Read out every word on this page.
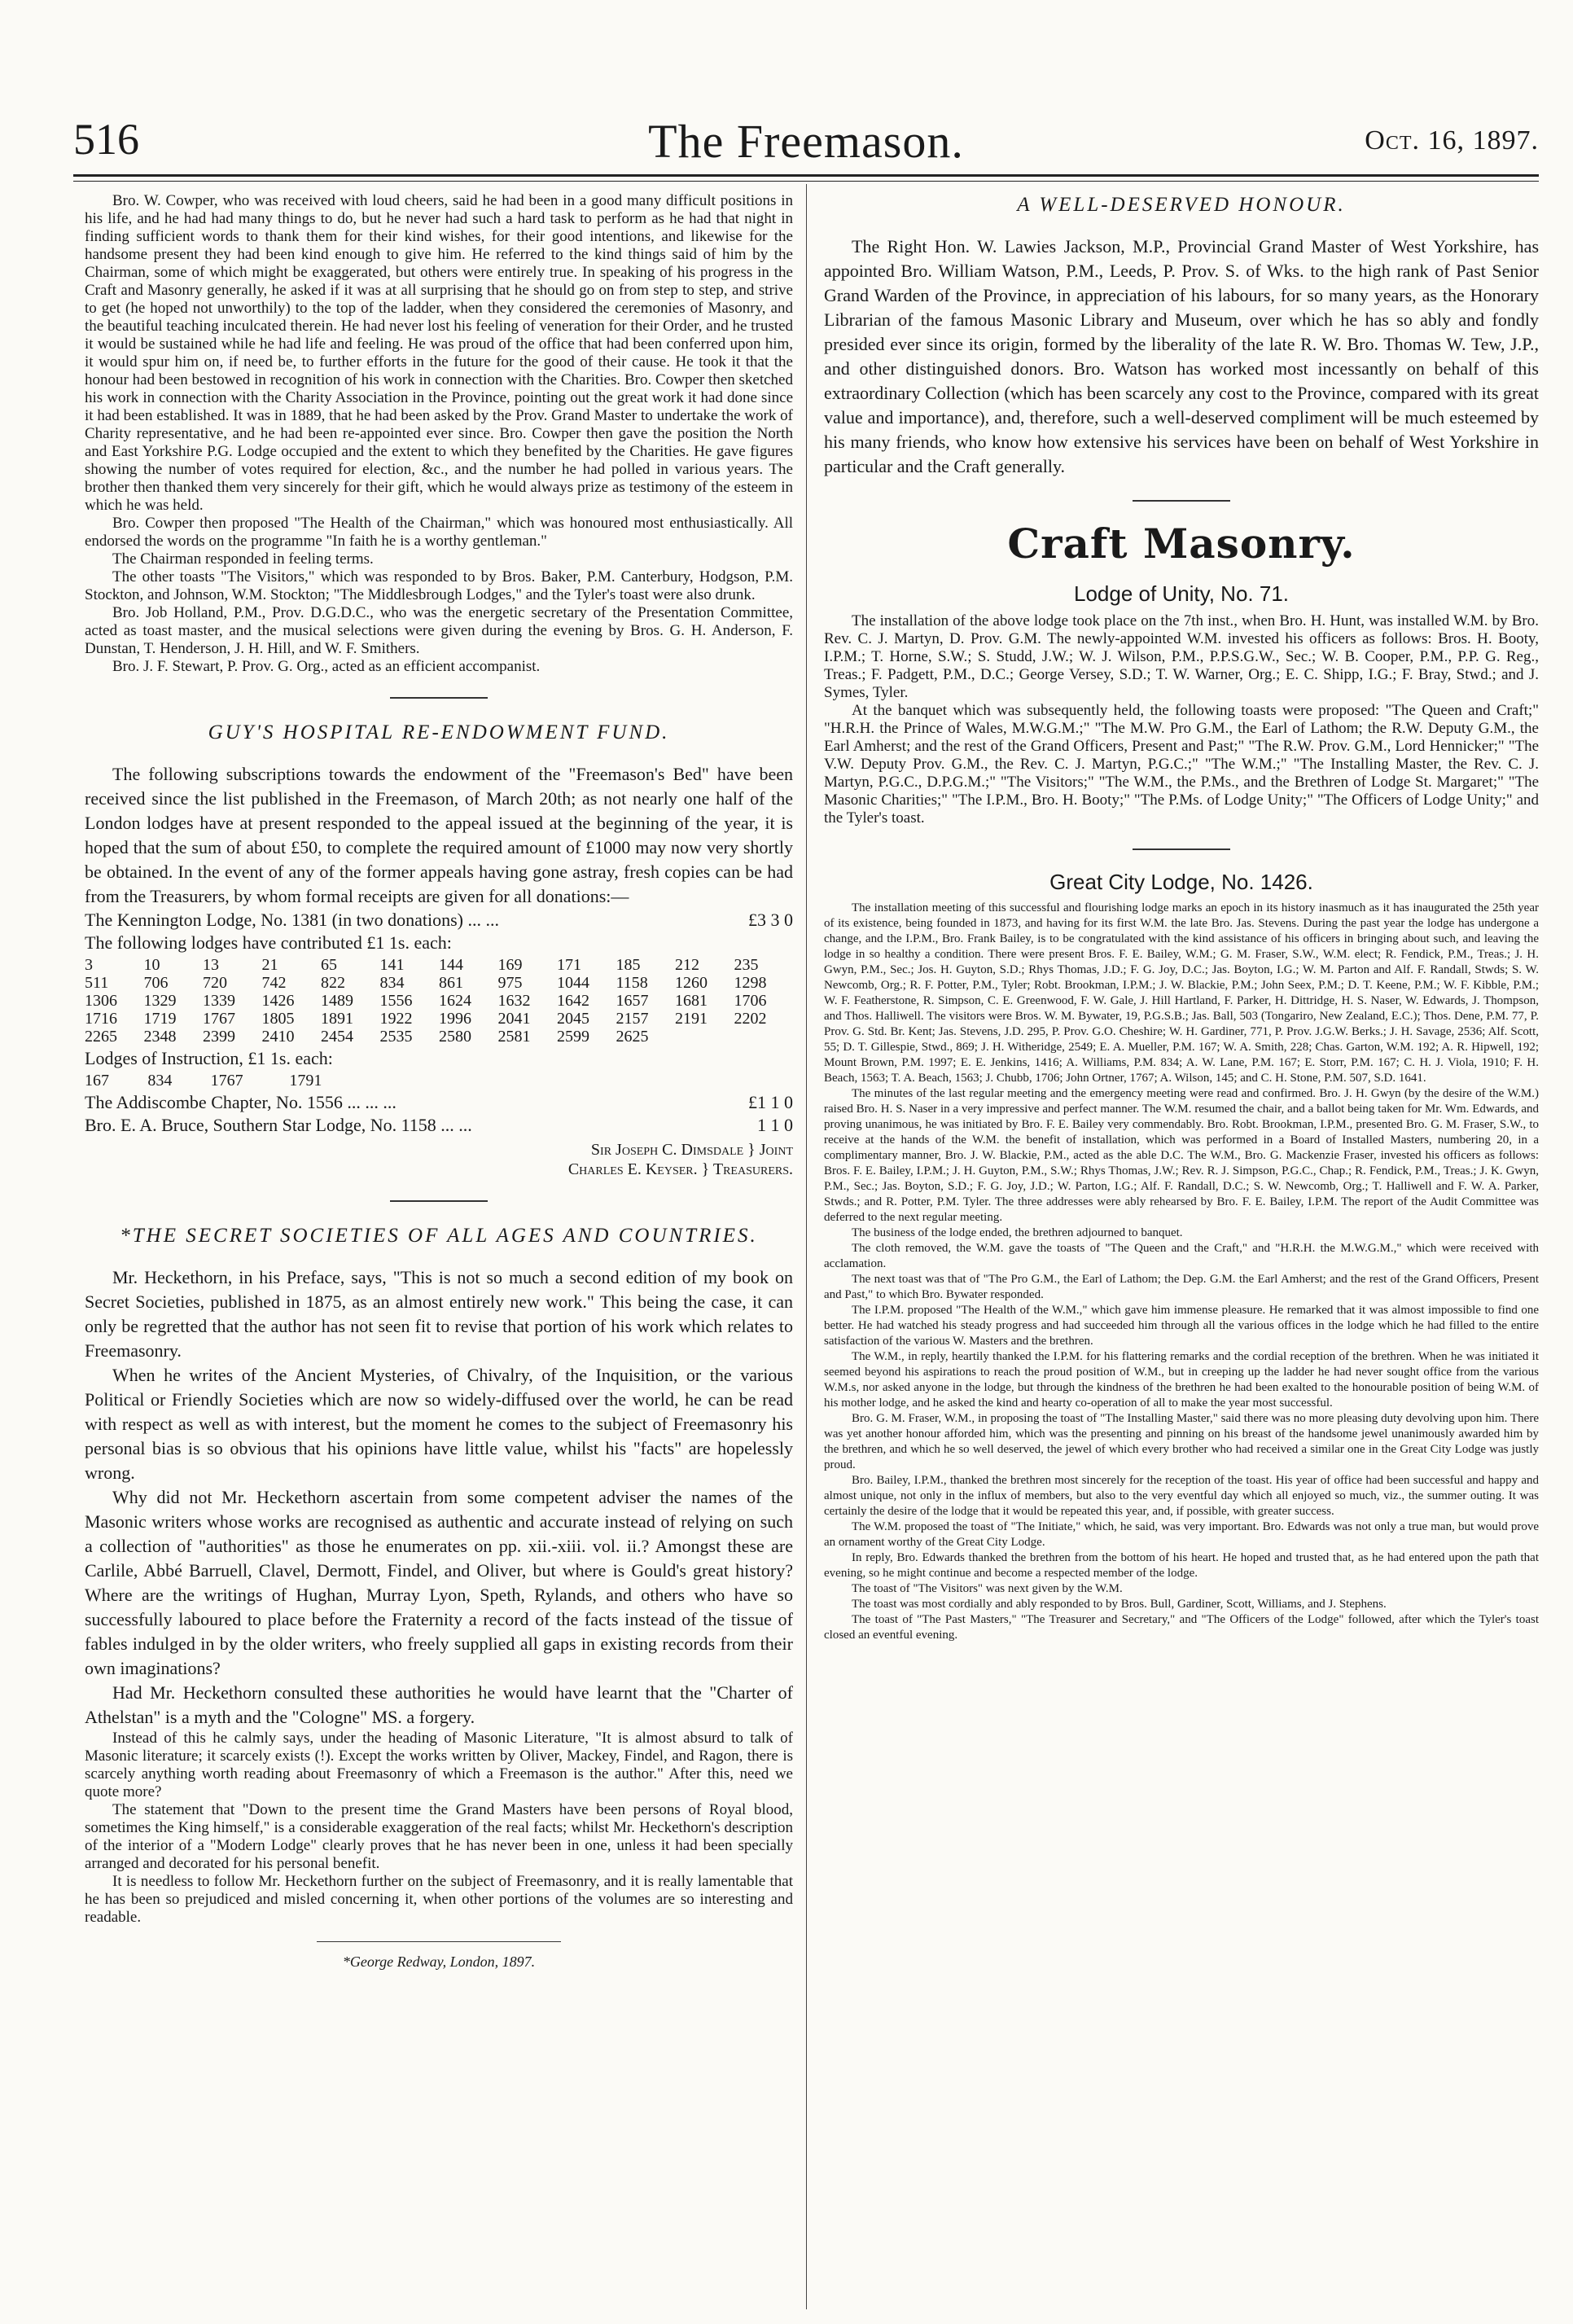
516	The Freemason.	Oct. 16, 1897.

Bro. W. Cowper, who was received with loud cheers, said he had been in a good many difficult positions in his life, and he had had many things to do, but he never had such a hard task to perform as he had that night in finding sufficient words to thank them for their kind wishes, for their good intentions, and likewise for the handsome present they had been kind enough to give him. He referred to the kind things said of him by the Chairman, some of which might be exaggerated, but others were entirely true. In speaking of his progress in the Craft and Masonry generally, he asked if it was at all surprising that he should go on from step to step, and strive to get (he hoped not unworthily) to the top of the ladder, when they considered the ceremonies of Masonry, and the beautiful teaching inculcated therein. He had never lost his feeling of veneration for their Order, and he trusted it would be sustained while he had life and feeling. He was proud of the office that had been conferred upon him, it would spur him on, if need be, to further efforts in the future for the good of their cause. He took it that the honour had been bestowed in recognition of his work in connection with the Charities. Bro. Cowper then sketched his work in connection with the Charity Association in the Province, pointing out the great work it had done since it had been established. It was in 1889, that he had been asked by the Prov. Grand Master to undertake the work of Charity representative, and he had been re-appointed ever since. Bro. Cowper then gave the position the North and East Yorkshire P.G. Lodge occupied and the extent to which they benefited by the Charities. He gave figures showing the number of votes required for election, &c., and the number he had polled in various years. The brother then thanked them very sincerely for their gift, which he would always prize as testimony of the esteem in which he was held.

Bro. Cowper then proposed "The Health of the Chairman," which was honoured most enthusiastically. All endorsed the words on the programme "In faith he is a worthy gentleman."

The Chairman responded in feeling terms.

The other toasts "The Visitors," which was responded to by Bros. Baker, P.M. Canterbury, Hodgson, P.M. Stockton, and Johnson, W.M. Stockton; "The Middlesbrough Lodges," and the Tyler's toast were also drunk.

Bro. Job Holland, P.M., Prov. D.G.D.C., who was the energetic secretary of the Presentation Committee, acted as toast master, and the musical selections were given during the evening by Bros. G. H. Anderson, F. Dunstan, T. Henderson, J. H. Hill, and W. F. Smithers.

Bro. J. F. Stewart, P. Prov. G. Org., acted as an efficient accompanist.

GUY'S HOSPITAL RE-ENDOWMENT FUND.

The following subscriptions towards the endowment of the "Freemason's Bed" have been received since the list published in the Freemason, of March 20th; as not nearly one half of the London lodges have at present responded to the appeal issued at the beginning of the year, it is hoped that the sum of about £50, to complete the required amount of £1000 may now very shortly be obtained. In the event of any of the former appeals having gone astray, fresh copies can be had from the Treasurers, by whom formal receipts are given for all donations:—

The Kennington Lodge, No. 1381 (in two donations) ... ...	£3 3 0
The following lodges have contributed £1 1s. each:
3	10	13	21	65	141	144	169	171	185	212	235
511	706	720	742	822	834	861	975	1044	1158	1260	1298
1306	1329	1339	1426	1489	1556	1624	1632	1642	1657	1681	1706
1716	1719	1767	1805	1891	1922	1996	2041	2045	2157	2191	2202
2265	2348	2399	2410	2454	2535	2580	2581	2599	2625		
Lodges of Instruction, £1 1s. each:
167	834	1767	1791
The Addiscombe Chapter, No. 1556 ... ... ...	£1 1 0
Bro. E. A. Bruce, Southern Star Lodge, No. 1158 ... ...	1 1 0
Sir Joseph C. Dimsdale } Joint
Charles E. Keyser. } Treasurers.
*THE SECRET SOCIETIES OF ALL AGES AND COUNTRIES.

Mr. Heckethorn, in his Preface, says, "This is not so much a second edition of my book on Secret Societies, published in 1875, as an almost entirely new work." This being the case, it can only be regretted that the author has not seen fit to revise that portion of his work which relates to Freemasonry.

When he writes of the Ancient Mysteries, of Chivalry, of the Inquisition, or the various Political or Friendly Societies which are now so widely-diffused over the world, he can be read with respect as well as with interest, but the moment he comes to the subject of Freemasonry his personal bias is so obvious that his opinions have little value, whilst his "facts" are hopelessly wrong.

Why did not Mr. Heckethorn ascertain from some competent adviser the names of the Masonic writers whose works are recognised as authentic and accurate instead of relying on such a collection of "authorities" as those he enumerates on pp. xii.-xiii. vol. ii.? Amongst these are Carlile, Abbé Barruell, Clavel, Dermott, Findel, and Oliver, but where is Gould's great history? Where are the writings of Hughan, Murray Lyon, Speth, Rylands, and others who have so successfully laboured to place before the Fraternity a record of the facts instead of the tissue of fables indulged in by the older writers, who freely supplied all gaps in existing records from their own imaginations?

Had Mr. Heckethorn consulted these authorities he would have learnt that the "Charter of Athelstan" is a myth and the "Cologne" MS. a forgery.

Instead of this he calmly says, under the heading of Masonic Literature, "It is almost absurd to talk of Masonic literature; it scarcely exists (!). Except the works written by Oliver, Mackey, Findel, and Ragon, there is scarcely anything worth reading about Freemasonry of which a Freemason is the author." After this, need we quote more?

The statement that "Down to the present time the Grand Masters have been persons of Royal blood, sometimes the King himself," is a considerable exaggeration of the real facts; whilst Mr. Heckethorn's description of the interior of a "Modern Lodge" clearly proves that he has never been in one, unless it had been specially arranged and decorated for his personal benefit.

It is needless to follow Mr. Heckethorn further on the subject of Freemasonry, and it is really lamentable that he has been so prejudiced and misled concerning it, when other portions of the volumes are so interesting and readable.

*George Redway, London, 1897.
A WELL-DESERVED HONOUR.

The Right Hon. W. Lawies Jackson, M.P., Provincial Grand Master of West Yorkshire, has appointed Bro. William Watson, P.M., Leeds, P. Prov. S. of Wks. to the high rank of Past Senior Grand Warden of the Province, in appreciation of his labours, for so many years, as the Honorary Librarian of the famous Masonic Library and Museum, over which he has so ably and fondly presided ever since its origin, formed by the liberality of the late R. W. Bro. Thomas W. Tew, J.P., and other distinguished donors. Bro. Watson has worked most incessantly on behalf of this extraordinary Collection (which has been scarcely any cost to the Province, compared with its great value and importance), and, therefore, such a well-deserved compliment will be much esteemed by his many friends, who know how extensive his services have been on behalf of West Yorkshire in particular and the Craft generally.

Craft Masonry.
Lodge of Unity, No. 71.

The installation of the above lodge took place on the 7th inst., when Bro. H. Hunt, was installed W.M. by Bro. Rev. C. J. Martyn, D. Prov. G.M. The newly-appointed W.M. invested his officers as follows: Bros. H. Booty, I.P.M.; T. Horne, S.W.; S. Studd, J.W.; W. J. Wilson, P.M., P.P.S.G.W., Sec.; W. B. Cooper, P.M., P.P. G. Reg., Treas.; F. Padgett, P.M., D.C.; George Versey, S.D.; T. W. Warner, Org.; E. C. Shipp, I.G.; F. Bray, Stwd.; and J. Symes, Tyler.

At the banquet which was subsequently held, the following toasts were proposed: "The Queen and Craft;" "H.R.H. the Prince of Wales, M.W.G.M.;" "The M.W. Pro G.M., the Earl of Lathom; the R.W. Deputy G.M., the Earl Amherst; and the rest of the Grand Officers, Present and Past;" "The R.W. Prov. G.M., Lord Hennicker;" "The V.W. Deputy Prov. G.M., the Rev. C. J. Martyn, P.G.C.;" "The W.M.;" "The Installing Master, the Rev. C. J. Martyn, P.G.C., D.P.G.M.;" "The Visitors;" "The W.M., the P.Ms., and the Brethren of Lodge St. Margaret;" "The Masonic Charities;" "The I.P.M., Bro. H. Booty;" "The P.Ms. of Lodge Unity;" "The Officers of Lodge Unity;" and the Tyler's toast.

Great City Lodge, No. 1426.

The installation meeting of this successful and flourishing lodge marks an epoch in its history inasmuch as it has inaugurated the 25th year of its existence, being founded in 1873, and having for its first W.M. the late Bro. Jas. Stevens. During the past year the lodge has undergone a change, and the I.P.M., Bro. Frank Bailey, is to be congratulated with the kind assistance of his officers in bringing about such, and leaving the lodge in so healthy a condition. There were present Bros. F. E. Bailey, W.M.; G. M. Fraser, S.W., W.M. elect; R. Fendick, P.M., Treas.; J. H. Gwyn, P.M., Sec.; Jos. H. Guyton, S.D.; Rhys Thomas, J.D.; F. G. Joy, D.C.; Jas. Boyton, I.G.; W. M. Parton and Alf. F. Randall, Stwds; S. W. Newcomb, Org.; R. F. Potter, P.M., Tyler; Robt. Brookman, I.P.M.; J. W. Blackie, P.M.; John Seex, P.M.; D. T. Keene, P.M.; W. F. Kibble, P.M.; W. F. Featherstone, R. Simpson, C. E. Greenwood, F. W. Gale, J. Hill Hartland, F. Parker, H. Dittridge, H. S. Naser, W. Edwards, J. Thompson, and Thos. Halliwell. The visitors were Bros. W. M. Bywater, 19, P.G.S.B.; Jas. Ball, 503 (Tongariro, New Zealand, E.C.); Thos. Dene, P.M. 77, P. Prov. G. Std. Br. Kent; Jas. Stevens, J.D. 295, P. Prov. G.O. Cheshire; W. H. Gardiner, 771, P. Prov. J.G.W. Berks.; J. H. Savage, 2536; Alf. Scott, 55; D. T. Gillespie, Stwd., 869; J. H. Witheridge, 2549; E. A. Mueller, P.M. 167; W. A. Smith, 228; Chas. Garton, W.M. 192; A. R. Hipwell, 192; Mount Brown, P.M. 1997; E. E. Jenkins, 1416; A. Williams, P.M. 834; A. W. Lane, P.M. 167; E. Storr, P.M. 167; C. H. J. Viola, 1910; F. H. Beach, 1563; T. A. Beach, 1563; J. Chubb, 1706; John Ortner, 1767; A. Wilson, 145; and C. H. Stone, P.M. 507, S.D. 1641.

The minutes of the last regular meeting and the emergency meeting were read and confirmed. Bro. J. H. Gwyn (by the desire of the W.M.) raised Bro. H. S. Naser in a very impressive and perfect manner. The W.M. resumed the chair, and a ballot being taken for Mr. Wm. Edwards, and proving unanimous, he was initiated by Bro. F. E. Bailey very commendably. Bro. Robt. Brookman, I.P.M., presented Bro. G. M. Fraser, S.W., to receive at the hands of the W.M. the benefit of installation, which was performed in a Board of Installed Masters, numbering 20, in a complimentary manner, Bro. J. W. Blackie, P.M., acted as the able D.C. The W.M., Bro. G. Mackenzie Fraser, invested his officers as follows: Bros. F. E. Bailey, I.P.M.; J. H. Guyton, P.M., S.W.; Rhys Thomas, J.W.; Rev. R. J. Simpson, P.G.C., Chap.; R. Fendick, P.M., Treas.; J. K. Gwyn, P.M., Sec.; Jas. Boyton, S.D.; F. G. Joy, J.D.; W. Parton, I.G.; Alf. F. Randall, D.C.; S. W. Newcomb, Org.; T. Halliwell and F. W. A. Parker, Stwds.; and R. Potter, P.M. Tyler. The three addresses were ably rehearsed by Bro. F. E. Bailey, I.P.M. The report of the Audit Committee was deferred to the next regular meeting.

The business of the lodge ended, the brethren adjourned to banquet.

The cloth removed, the W.M. gave the toasts of "The Queen and the Craft," and "H.R.H. the M.W.G.M.," which were received with acclamation.

The next toast was that of "The Pro G.M., the Earl of Lathom; the Dep. G.M. the Earl Amherst; and the rest of the Grand Officers, Present and Past," to which Bro. Bywater responded.

The I.P.M. proposed "The Health of the W.M.," which gave him immense pleasure. He remarked that it was almost impossible to find one better. He had watched his steady progress and had succeeded him through all the various offices in the lodge which he had filled to the entire satisfaction of the various W. Masters and the brethren.

The W.M., in reply, heartily thanked the I.P.M. for his flattering remarks and the cordial reception of the brethren. When he was initiated it seemed beyond his aspirations to reach the proud position of W.M., but in creeping up the ladder he had never sought office from the various W.M.s, nor asked anyone in the lodge, but through the kindness of the brethren he had been exalted to the honourable position of being W.M. of his mother lodge, and he asked the kind and hearty co-operation of all to make the year most successful.

Bro. G. M. Fraser, W.M., in proposing the toast of "The Installing Master," said there was no more pleasing duty devolving upon him. There was yet another honour afforded him, which was the presenting and pinning on his breast of the handsome jewel unanimously awarded him by the brethren, and which he so well deserved, the jewel of which every brother who had received a similar one in the Great City Lodge was justly proud.

Bro. Bailey, I.P.M., thanked the brethren most sincerely for the reception of the toast. His year of office had been successful and happy and almost unique, not only in the influx of members, but also to the very eventful day which all enjoyed so much, viz., the summer outing. It was certainly the desire of the lodge that it would be repeated this year, and, if possible, with greater success.

The W.M. proposed the toast of "The Initiate," which, he said, was very important. Bro. Edwards was not only a true man, but would prove an ornament worthy of the Great City Lodge.

In reply, Bro. Edwards thanked the brethren from the bottom of his heart. He hoped and trusted that, as he had entered upon the path that evening, so he might continue and become a respected member of the lodge.

The toast of "The Visitors" was next given by the W.M.

The toast was most cordially and ably responded to by Bros. Bull, Gardiner, Scott, Williams, and J. Stephens.

The toast of "The Past Masters," "The Treasurer and Secretary," and "The Officers of the Lodge" followed, after which the Tyler's toast closed an eventful evening.
